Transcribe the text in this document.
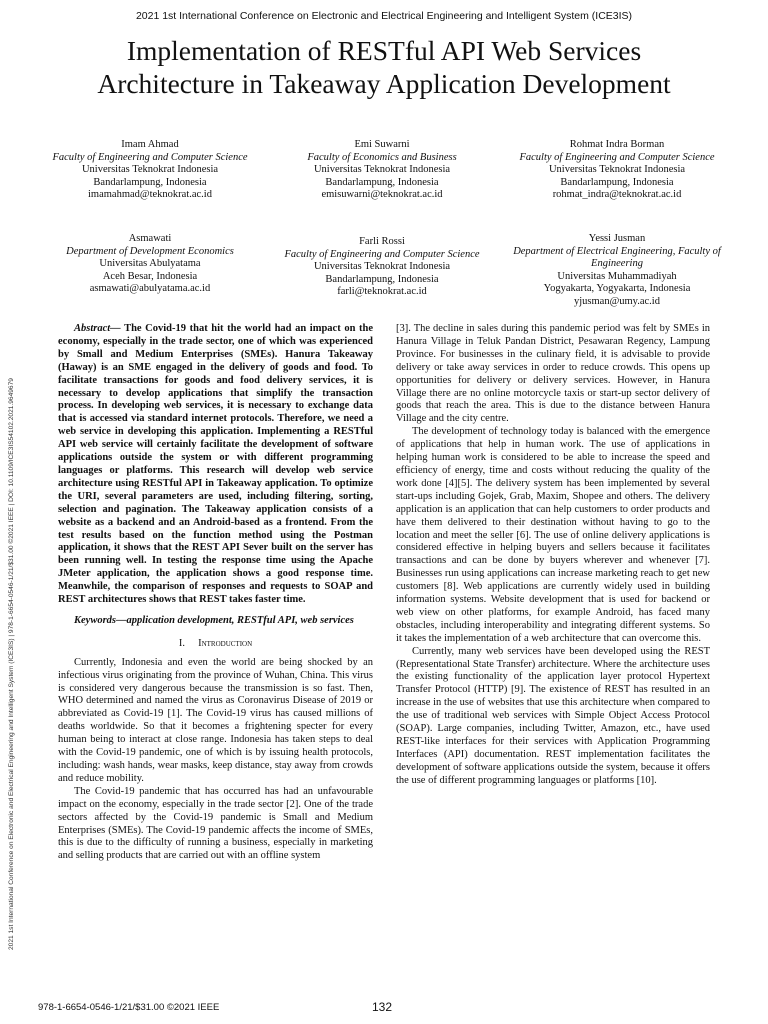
2021 1st International Conference on Electronic and Electrical Engineering and Intelligent System (ICE3IS)
Implementation of RESTful API Web Services
Architecture in Takeaway Application Development
2021 1st International Conference on Electronic and Electrical Engineering and Intelligent System (ICE3IS) | 978-1-6654-0546-1/21/$31.00 ©2021 IEEE | DOI: 10.1109/ICE3IS54102.2021.9649679
Imam Ahmad
Faculty of Engineering and Computer Science
Universitas Teknokrat Indonesia
Bandarlampung, Indonesia
imamahmad@teknokrat.ac.id
Emi Suwarni
Faculty of Economics and Business
Universitas Teknokrat Indonesia
Bandarlampung, Indonesia
emisuwarni@teknokrat.ac.id
Rohmat Indra Borman
Faculty of Engineering and Computer Science
Universitas Teknokrat Indonesia
Bandarlampung, Indonesia
rohmat_indra@teknokrat.ac.id
Asmawati
Department of Development Economics
Universitas Abulyatama
Aceh Besar, Indonesia
asmawati@abulyatama.ac.id
Farli Rossi
Faculty of Engineering and Computer Science
Universitas Teknokrat Indonesia
Bandarlampung, Indonesia
farli@teknokrat.ac.id
Yessi Jusman
Department of Electrical Engineering, Faculty of Engineering
Universitas Muhammadiyah
Yogyakarta, Yogyakarta, Indonesia
yjusman@umy.ac.id

Abstract— The Covid-19 that hit the world had an impact on the economy, especially in the trade sector, one of which was experienced by Small and Medium Enterprises (SMEs). Hanura Takeaway (Haway) is an SME engaged in the delivery of goods and food. To facilitate transactions for goods and food delivery services, it is necessary to develop applications that simplify the transaction process. In developing web services, it is necessary to exchange data that is accessed via standard internet protocols. Therefore, we need a web service in developing this application. Implementing a RESTful API web service will certainly facilitate the development of software applications outside the system or with different programming languages or platforms. This research will develop web service architecture using RESTful API in Takeaway application. To optimize the URI, several parameters are used, including filtering, sorting, selection and pagination. The Takeaway application consists of a website as a backend and an Android-based as a frontend. From the test results based on the function method using the Postman application, it shows that the REST API Sever built on the server has been running well. In testing the response time using the Apache JMeter application, the application shows a good response time. Meanwhile, the comparison of responses and requests to SOAP and REST architectures shows that REST takes faster time.

Keywords—application development, RESTful API, web services

I. Introduction

Currently, Indonesia and even the world are being shocked by an infectious virus originating from the province of Wuhan, China. This virus is considered very dangerous because the transmission is so fast. Then, WHO determined and named the virus as Coronavirus Disease of 2019 or abbreviated as Covid-19 [1]. The Covid-19 virus has caused millions of deaths worldwide. So that it becomes a frightening specter for every human being to interact at close range. Indonesia has taken steps to deal with the Covid-19 pandemic, one of which is by issuing health protocols, including: wash hands, wear masks, keep distance, stay away from crowds and reduce mobility.

The Covid-19 pandemic that has occurred has had an unfavourable impact on the economy, especially in the trade sector [2]. One of the trade sectors affected by the Covid-19 pandemic is Small and Medium Enterprises (SMEs). The Covid-19 pandemic affects the income of SMEs, this is due to the difficulty of running a business, especially in marketing and selling products that are carried out with an offline system

[3]. The decline in sales during this pandemic period was felt by SMEs in Hanura Village in Teluk Pandan District, Pesawaran Regency, Lampung Province. For businesses in the culinary field, it is advisable to provide delivery or take away services in order to reduce crowds. This opens up opportunities for delivery or delivery services. However, in Hanura Village there are no online motorcycle taxis or start-up sector delivery of goods that reach the area. This is due to the distance between Hanura Village and the city centre.

The development of technology today is balanced with the emergence of applications that help in human work. The use of applications in helping human work is considered to be able to increase the speed and efficiency of energy, time and costs without reducing the quality of the work done [4][5]. The delivery system has been implemented by several start-ups including Gojek, Grab, Maxim, Shopee and others. The delivery application is an application that can help customers to order products and have them delivered to their destination without having to go to the location and meet the seller [6]. The use of online delivery applications is considered effective in helping buyers and sellers because it facilitates transactions and can be done by buyers wherever and whenever [7]. Businesses run using applications can increase marketing reach to get new customers [8]. Web applications are currently widely used in building information systems. Website development that is used for backend or web view on other platforms, for example Android, has faced many obstacles, including interoperability and integrating different systems. So it takes the implementation of a web architecture that can overcome this.

Currently, many web services have been developed using the REST (Representational State Transfer) architecture. Where the architecture uses the existing functionality of the application layer protocol Hypertext Transfer Protocol (HTTP) [9]. The existence of REST has resulted in an increase in the use of websites that use this architecture when compared to the use of traditional web services with Simple Object Access Protocol (SOAP). Large companies, including Twitter, Amazon, etc., have used REST-like interfaces for their services with Application Programming Interfaces (API) documentation. REST implementation facilitates the development of software applications outside the system, because it offers the use of different programming languages or platforms [10].

978-1-6654-0546-1/21/$31.00 ©2021 IEEE	132
